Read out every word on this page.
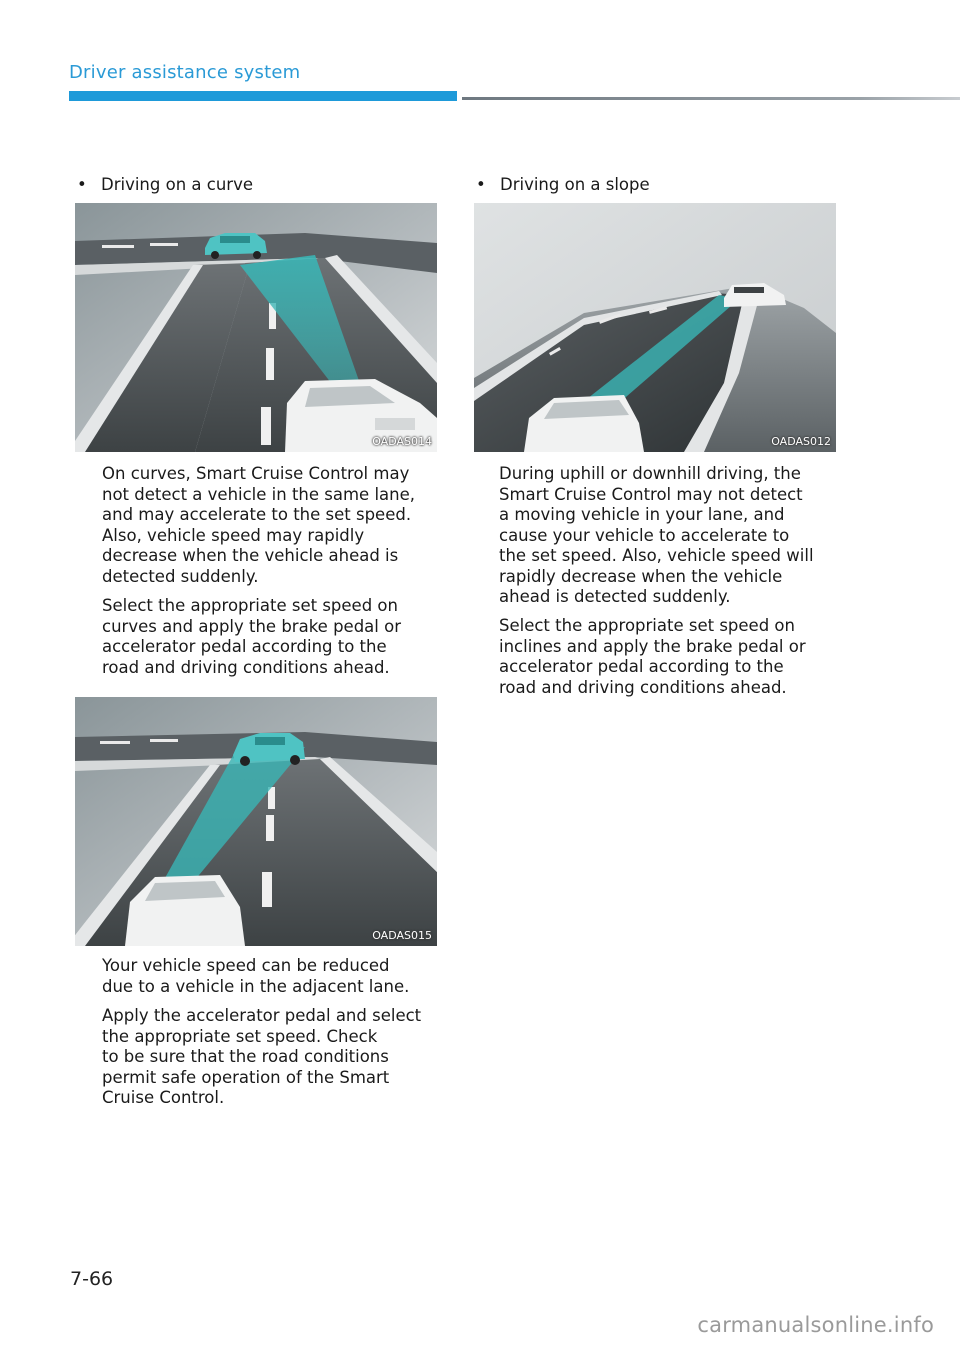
Driver assistance system
• Driving on a curve
OADAS014

On curves, Smart Cruise Control may
not detect a vehicle in the same lane,
and may accelerate to the set speed.
Also, vehicle speed may rapidly
decrease when the vehicle ahead is
detected suddenly.

Select the appropriate set speed on
curves and apply the brake pedal or
accelerator pedal according to the
road and driving conditions ahead.

OADAS015

Your vehicle speed can be reduced
due to a vehicle in the adjacent lane.

Apply the accelerator pedal and select
the appropriate set speed. Check
to be sure that the road conditions
permit safe operation of the Smart
Cruise Control.

• Driving on a slope
OADAS012

During uphill or downhill driving, the
Smart Cruise Control may not detect
a moving vehicle in your lane, and
cause your vehicle to accelerate to
the set speed. Also, vehicle speed will
rapidly decrease when the vehicle
ahead is detected suddenly.

Select the appropriate set speed on
inclines and apply the brake pedal or
accelerator pedal according to the
road and driving conditions ahead.

7-66
carmanualsonline.info
